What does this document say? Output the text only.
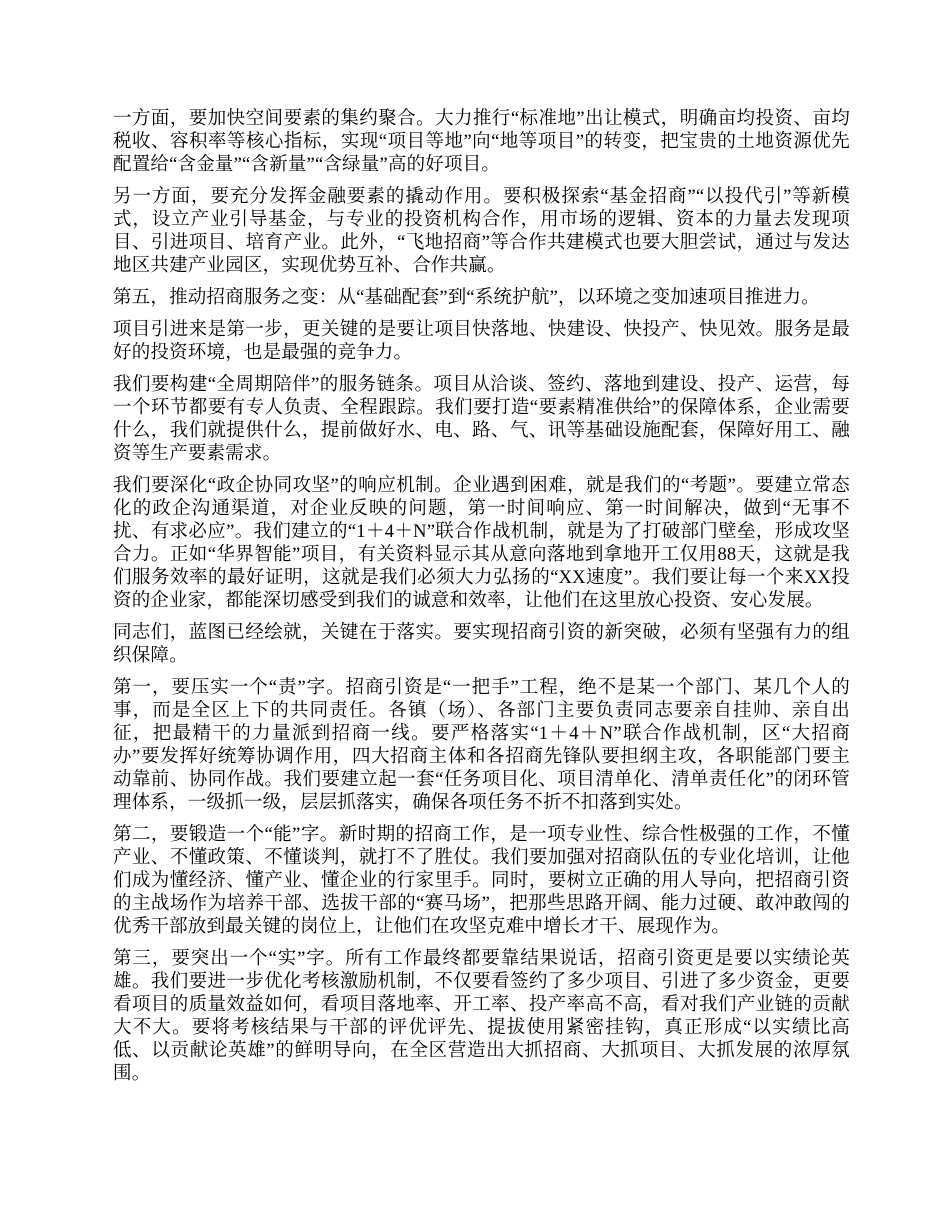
一方面，要加快空间要素的集约聚合。大力推行“标准地”出让模式，明确亩均投资、亩均税收、容积率等核心指标，实现“项目等地”向“地等项目”的转变，把宝贵的土地资源优先配置给“含金量”“含新量”“含绿量”高的好项目。

另一方面，要充分发挥金融要素的撬动作用。要积极探索“基金招商”“以投代引”等新模式，设立产业引导基金，与专业的投资机构合作，用市场的逻辑、资本的力量去发现项目、引进项目、培育产业。此外，“飞地招商”等合作共建模式也要大胆尝试，通过与发达地区共建产业园区，实现优势互补、合作共赢。

第五，推动招商服务之变：从“基础配套”到“系统护航”，以环境之变加速项目推进力。

项目引进来是第一步，更关键的是要让项目快落地、快建设、快投产、快见效。服务是最好的投资环境，也是最强的竞争力。

我们要构建“全周期陪伴”的服务链条。项目从洽谈、签约、落地到建设、投产、运营，每一个环节都要有专人负责、全程跟踪。我们要打造“要素精准供给”的保障体系，企业需要什么，我们就提供什么，提前做好水、电、路、气、讯等基础设施配套，保障好用工、融资等生产要素需求。

我们要深化“政企协同攻坚”的响应机制。企业遇到困难，就是我们的“考题”。要建立常态化的政企沟通渠道，对企业反映的问题，第一时间响应、第一时间解决，做到“无事不扰、有求必应”。我们建立的“1＋4＋N”联合作战机制，就是为了打破部门壁垒，形成攻坚合力。正如“华界智能”项目，有关资料显示其从意向落地到拿地开工仅用88天，这就是我们服务效率的最好证明，这就是我们必须大力弘扬的“XX速度”。我们要让每一个来XX投资的企业家，都能深切感受到我们的诚意和效率，让他们在这里放心投资、安心发展。

同志们，蓝图已经绘就，关键在于落实。要实现招商引资的新突破，必须有坚强有力的组织保障。

第一，要压实一个“责”字。招商引资是“一把手”工程，绝不是某一个部门、某几个人的事，而是全区上下的共同责任。各镇（场）、各部门主要负责同志要亲自挂帅、亲自出征，把最精干的力量派到招商一线。要严格落实“1＋4＋N”联合作战机制，区“大招商办”要发挥好统筹协调作用，四大招商主体和各招商先锋队要担纲主攻，各职能部门要主动靠前、协同作战。我们要建立起一套“任务项目化、项目清单化、清单责任化”的闭环管理体系，一级抓一级，层层抓落实，确保各项任务不折不扣落到实处。

第二，要锻造一个“能”字。新时期的招商工作，是一项专业性、综合性极强的工作，不懂产业、不懂政策、不懂谈判，就打不了胜仗。我们要加强对招商队伍的专业化培训，让他们成为懂经济、懂产业、懂企业的行家里手。同时，要树立正确的用人导向，把招商引资的主战场作为培养干部、选拔干部的“赛马场”，把那些思路开阔、能力过硬、敢冲敢闯的优秀干部放到最关键的岗位上，让他们在攻坚克难中增长才干、展现作为。

第三，要突出一个“实”字。所有工作最终都要靠结果说话，招商引资更是要以实绩论英雄。我们要进一步优化考核激励机制，不仅要看签约了多少项目、引进了多少资金，更要看项目的质量效益如何，看项目落地率、开工率、投产率高不高，看对我们产业链的贡献大不大。要将考核结果与干部的评优评先、提拔使用紧密挂钩，真正形成“以实绩比高低、以贡献论英雄”的鲜明导向，在全区营造出大抓招商、大抓项目、大抓发展的浓厚氛围。
